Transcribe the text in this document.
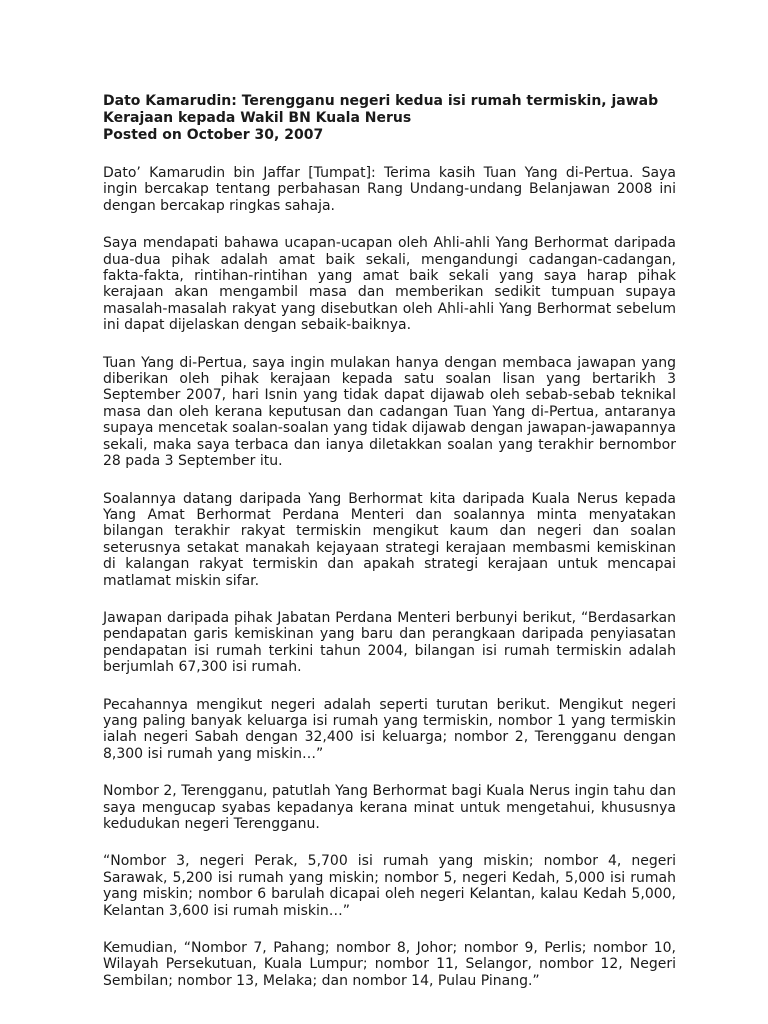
Dato Kamarudin: Terengganu negeri kedua isi rumah termiskin, jawab Kerajaan kepada Wakil BN Kuala Nerus
Posted on October 30, 2007

Dato’ Kamarudin bin Jaffar [Tumpat]: Terima kasih Tuan Yang di-Pertua. Saya ingin bercakap tentang perbahasan Rang Undang-undang Belanjawan 2008 ini dengan bercakap ringkas sahaja.

Saya mendapati bahawa ucapan-ucapan oleh Ahli-ahli Yang Berhormat daripada dua-dua pihak adalah amat baik sekali, mengandungi cadangan-cadangan, fakta-fakta, rintihan-rintihan yang amat baik sekali yang saya harap pihak kerajaan akan mengambil masa dan memberikan sedikit tumpuan supaya masalah-masalah rakyat yang disebutkan oleh Ahli-ahli Yang Berhormat sebelum ini dapat dijelaskan dengan sebaik-baiknya.

Tuan Yang di-Pertua, saya ingin mulakan hanya dengan membaca jawapan yang diberikan oleh pihak kerajaan kepada satu soalan lisan yang bertarikh 3 September 2007, hari Isnin yang tidak dapat dijawab oleh sebab-sebab teknikal masa dan oleh kerana keputusan dan cadangan Tuan Yang di-Pertua, antaranya supaya mencetak soalan-soalan yang tidak dijawab dengan jawapan-jawapannya sekali, maka saya terbaca dan ianya diletakkan soalan yang terakhir bernombor 28 pada 3 September itu.

Soalannya datang daripada Yang Berhormat kita daripada Kuala Nerus kepada Yang Amat Berhormat Perdana Menteri dan soalannya minta menyatakan bilangan terakhir rakyat termiskin mengikut kaum dan negeri dan soalan seterusnya setakat manakah kejayaan strategi kerajaan membasmi kemiskinan di kalangan rakyat termiskin dan apakah strategi kerajaan untuk mencapai matlamat miskin sifar.

Jawapan daripada pihak Jabatan Perdana Menteri berbunyi berikut, “Berdasarkan pendapatan garis kemiskinan yang baru dan perangkaan daripada penyiasatan pendapatan isi rumah terkini tahun 2004, bilangan isi rumah termiskin adalah berjumlah 67,300 isi rumah.

Pecahannya mengikut negeri adalah seperti turutan berikut. Mengikut negeri yang paling banyak keluarga isi rumah yang termiskin, nombor 1 yang termiskin ialah negeri Sabah dengan 32,400 isi keluarga; nombor 2, Terengganu dengan 8,300 isi rumah yang miskin…”

Nombor 2, Terengganu, patutlah Yang Berhormat bagi Kuala Nerus ingin tahu dan saya mengucap syabas kepadanya kerana minat untuk mengetahui, khususnya kedudukan negeri Terengganu.

“Nombor 3, negeri Perak, 5,700 isi rumah yang miskin; nombor 4, negeri Sarawak, 5,200 isi rumah yang miskin; nombor 5, negeri Kedah, 5,000 isi rumah yang miskin; nombor 6 barulah dicapai oleh negeri Kelantan, kalau Kedah 5,000, Kelantan 3,600 isi rumah miskin…”

Kemudian, “Nombor 7, Pahang; nombor 8, Johor; nombor 9, Perlis; nombor 10, Wilayah Persekutuan, Kuala Lumpur; nombor 11, Selangor, nombor 12, Negeri Sembilan; nombor 13, Melaka; dan nombor 14, Pulau Pinang.”
